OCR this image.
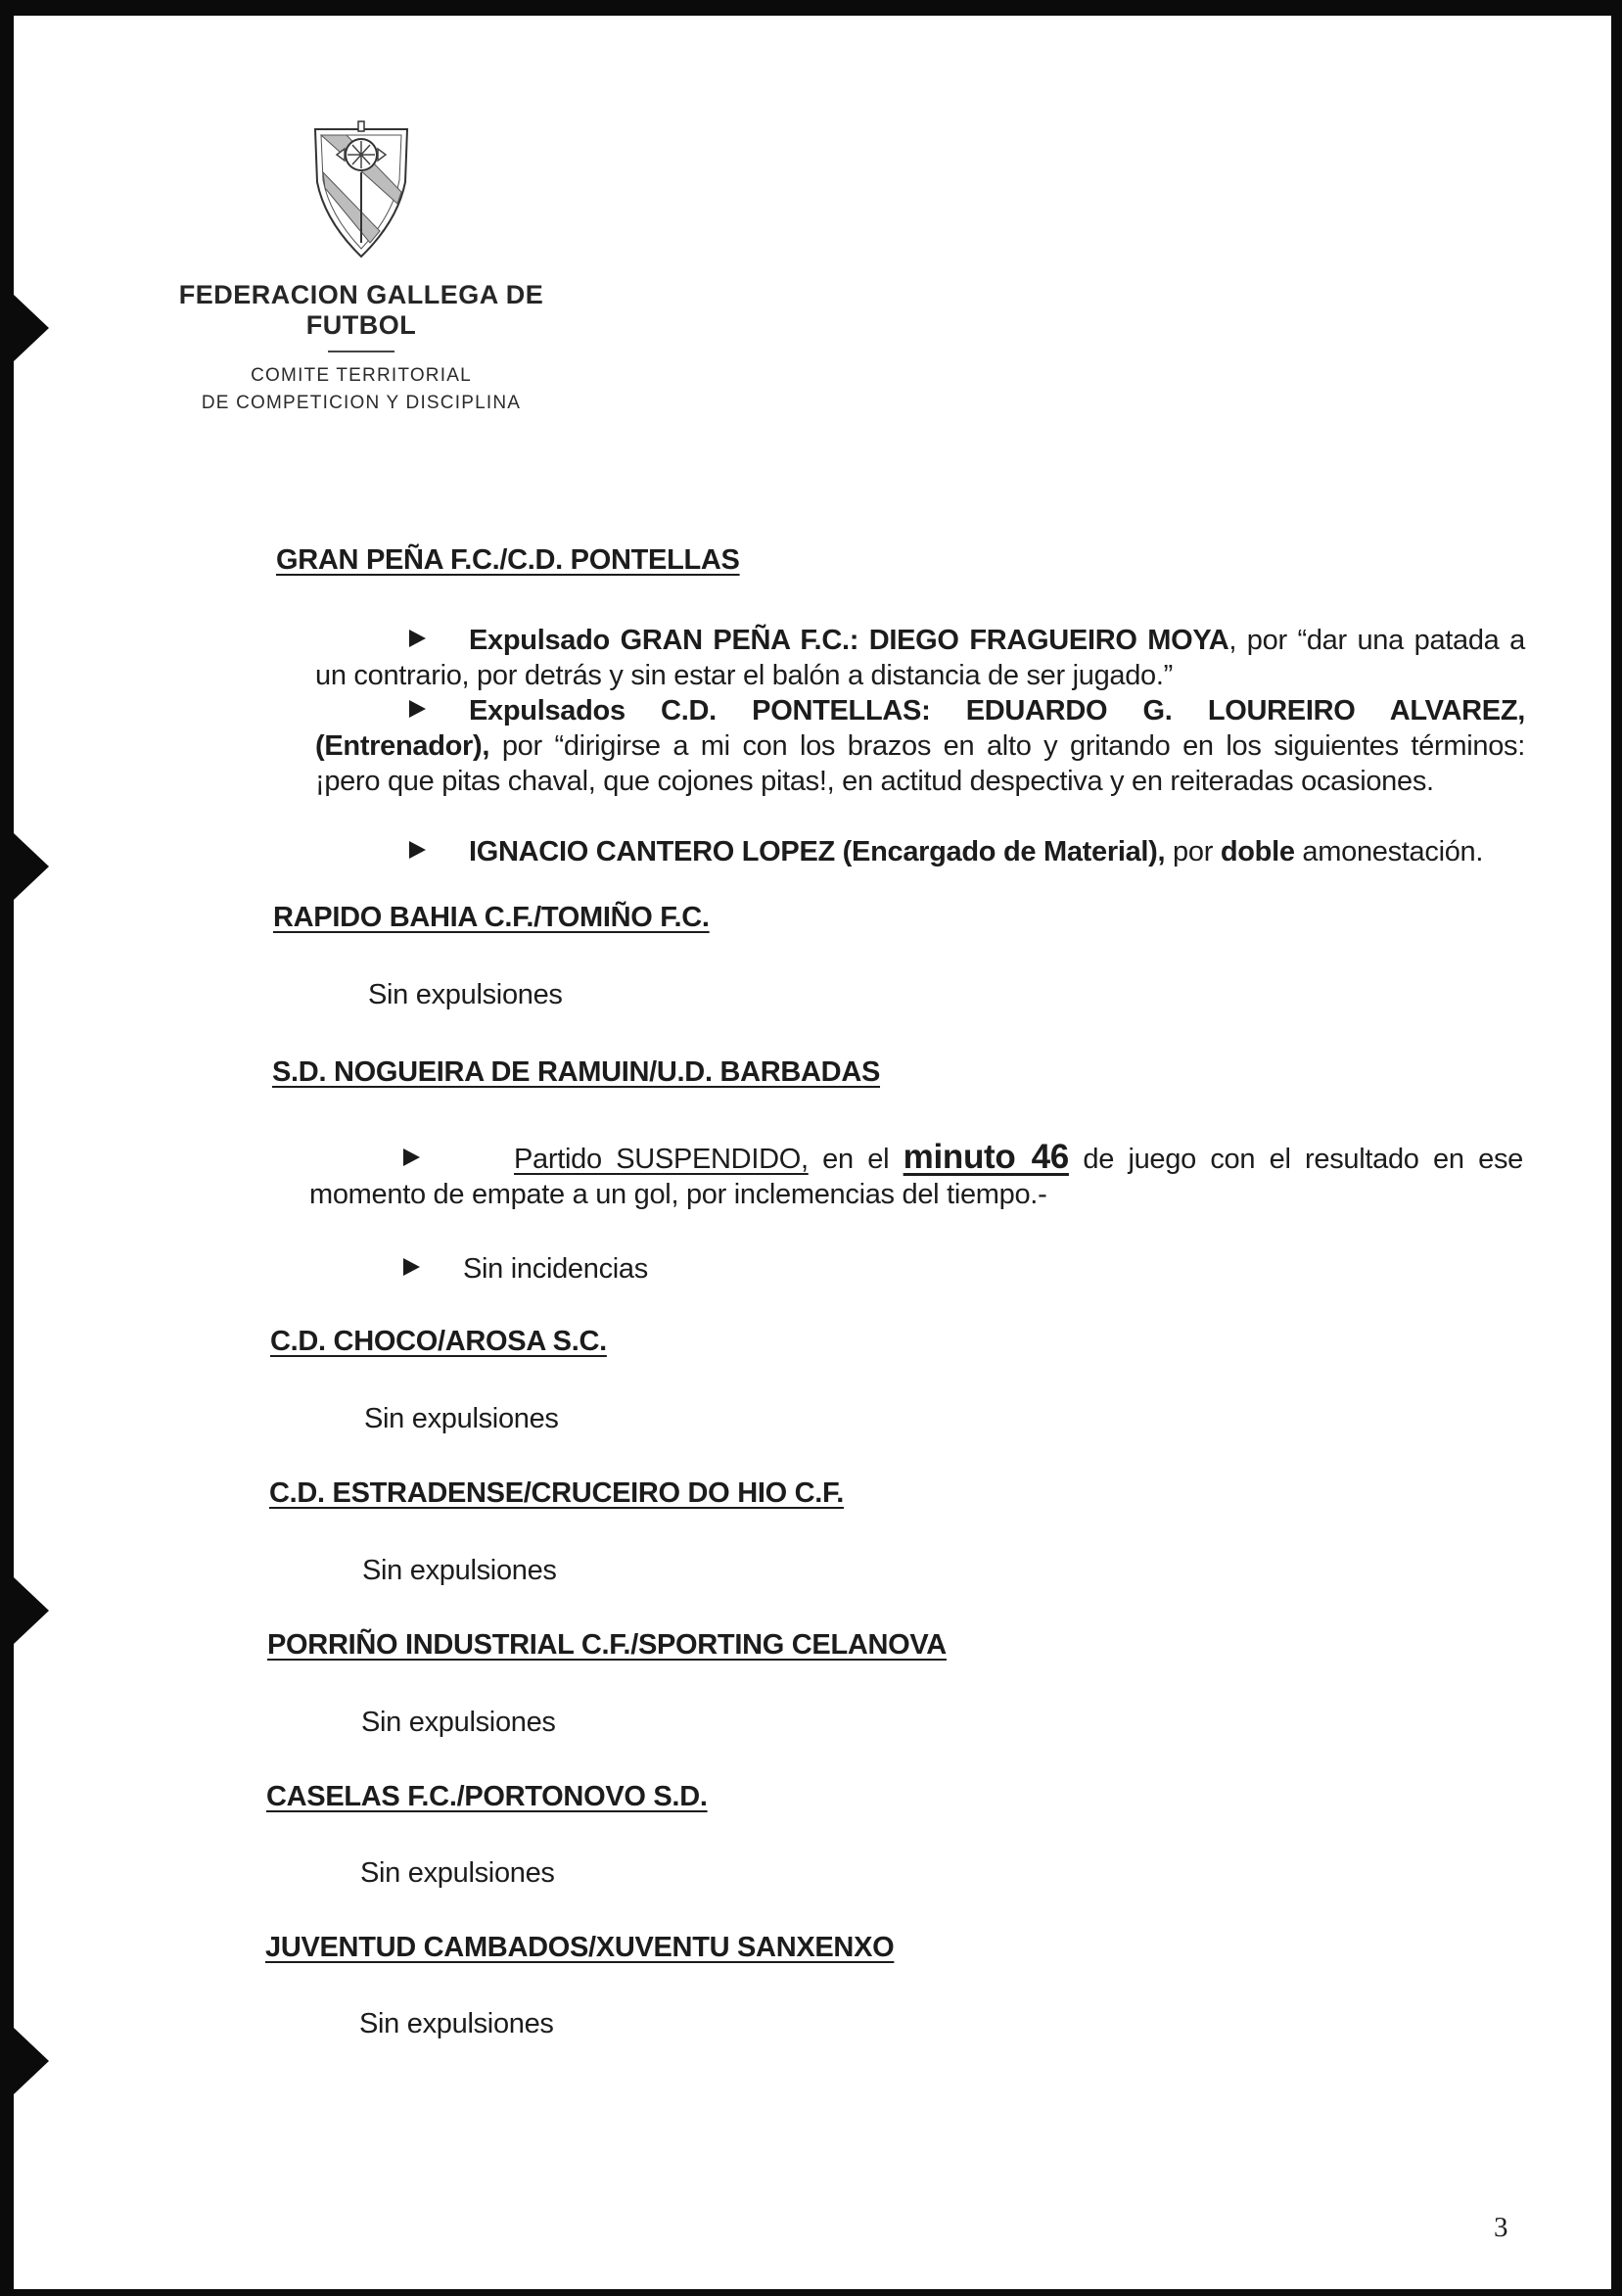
FEDERACION GALLEGA DE FUTBOL
COMITE TERRITORIAL
DE COMPETICION Y DISCIPLINA
GRAN PEÑA F.C./C.D. PONTELLAS
Expulsado GRAN PEÑA F.C.: DIEGO FRAGUEIRO MOYA, por “dar una patada a un contrario, por detrás y sin estar el balón a distancia de ser jugado.”
Expulsados C.D. PONTELLAS: EDUARDO G. LOUREIRO ALVAREZ, (Entrenador), por “dirigirse a mi con los brazos en alto y gritando en los siguientes términos: ¡pero que pitas chaval, que cojones pitas!, en actitud despectiva y en reiteradas ocasiones.
IGNACIO CANTERO LOPEZ (Encargado de Material), por doble amonestación.
RAPIDO BAHIA C.F./TOMIÑO F.C.
Sin expulsiones
S.D. NOGUEIRA DE RAMUIN/U.D. BARBADAS
Partido SUSPENDIDO, en el minuto 46 de juego con el resultado en ese momento de empate a un gol, por inclemencias del tiempo.-
Sin incidencias
C.D. CHOCO/AROSA S.C.
Sin expulsiones
C.D. ESTRADENSE/CRUCEIRO DO HIO C.F.
Sin expulsiones
PORRIÑO INDUSTRIAL C.F./SPORTING CELANOVA
Sin expulsiones
CASELAS F.C./PORTONOVO S.D.
Sin expulsiones
JUVENTUD CAMBADOS/XUVENTU SANXENXO
Sin expulsiones
3
